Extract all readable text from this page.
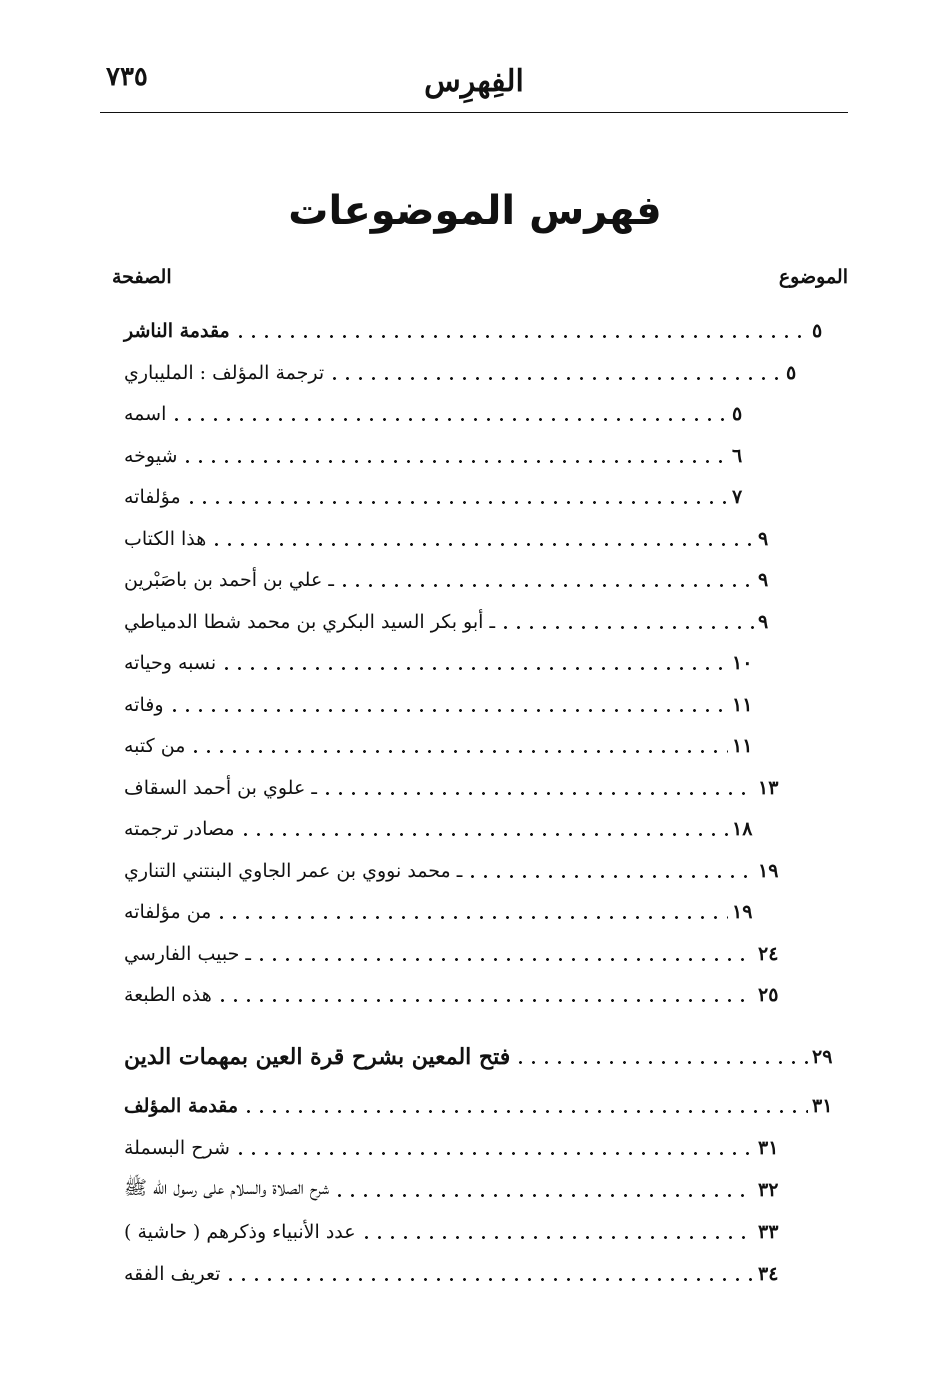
٧٣٥	الفِهرِس
فهرس الموضوعات
الموضوع
الصفحة
مقدمة الناشر	٥
ترجمة المؤلف : المليباري	٥
اسمه	٥
شيوخه	٦
مؤلفاته	٧
هذا الكتاب	٩
ـ علي بن أحمد بن باصَبْرين	٩
ـ أبو بكر السيد البكري بن محمد شطا الدمياطي	٩
نسبه وحياته	١٠
وفاته	١١
من كتبه	١١
ـ علوي بن أحمد السقاف	١٣
مصادر ترجمته	١٨
ـ محمد نووي بن عمر الجاوي البنتني التناري	١٩
من مؤلفاته	١٩
ـ حبيب الفارسي	٢٤
هذه الطبعة	٢٥
فتح المعين بشرح قرة العين بمهمات الدين	٢٩
مقدمة المؤلف	٣١
شرح البسملة	٣١
شرح الصلاة والسلام على رسول الله ﷺ	٣٢
عدد الأنبياء وذكرهم ( حاشية )	٣٣
تعريف الفقه	٣٤
